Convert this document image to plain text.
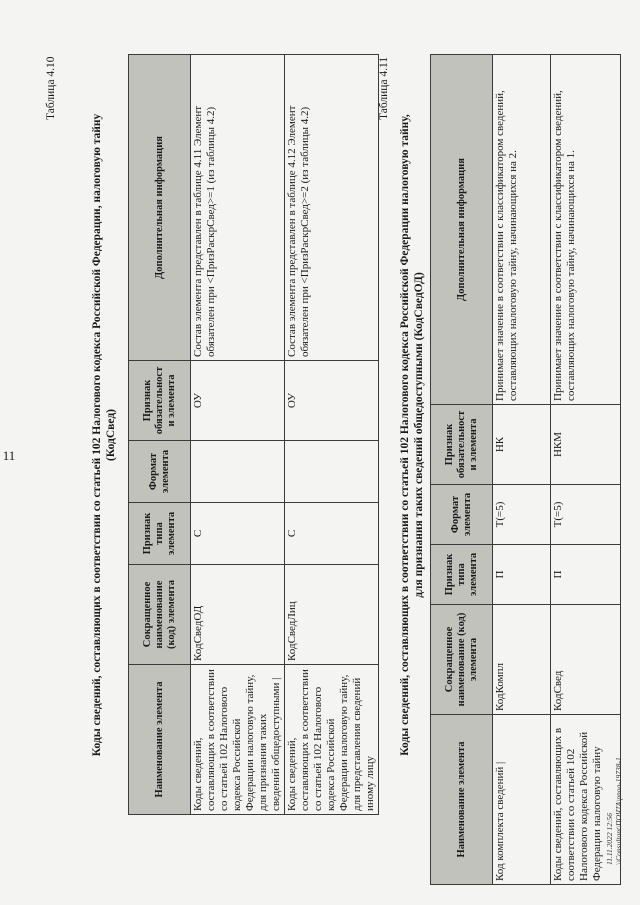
11
Таблица 4.10
Коды сведений, составляющих в соответствии со статьей 102 Налогового кодекса Российской Федерации, налоговую тайну (КодСвед)
Наименование элемента	Сокращенное наименование (код) элемента	Признак типа элемента	Формат элемента	Признак обязательности элемента	Дополнительная информация
Коды сведений, составляющих в соответствии со статьей 102 Налогового кодекса Российской Федерации налоговую тайну, для признания таких сведений общедоступными |	КодСведОД	С		ОУ	Состав элемента представлен в таблице 4.11 Элемент обязателен при <ПризРаскрСвед>=1 (из таблицы 4.2)
Коды сведений, составляющих в соответствии со статьей 102 Налогового кодекса Российской Федерации налоговую тайну, для представления сведений иному лицу	КодСведЛиц	С		ОУ	Состав элемента представлен в таблице 4.12 Элемент обязателен при <ПризРаскрСвед>=2 (из таблицы 4.2)
Таблица 4.11
Коды сведений, составляющих в соответствии со статьей 102 Налогового кодекса Российской Федерации налоговую тайну, для признания таких сведений общедоступными (КодСведОД)
Наименование элемента	Сокращенное наименование (код) элемента	Признак типа элемента	Формат элемента	Признак обязательности элемента	Дополнительная информация
Код комплекта сведений |	КодКомпл	П	T(=5)	НК	Принимает значение в соответствии с классификатором сведений, составляющих налоговую тайну, начинающихся на 2.
Коды сведений, составляющих в соответствии со статьей 102 Налогового кодекса Российской Федерации налоговую тайну	КодСвед	П	T(=5)	НКМ	Принимает значение в соответствии с классификатором сведений, составляющих налоговую тайну, начинающихся на 1.
11.11.2022 12:56 \\Consultant\ПОЧТА\pnoa-19738-1
